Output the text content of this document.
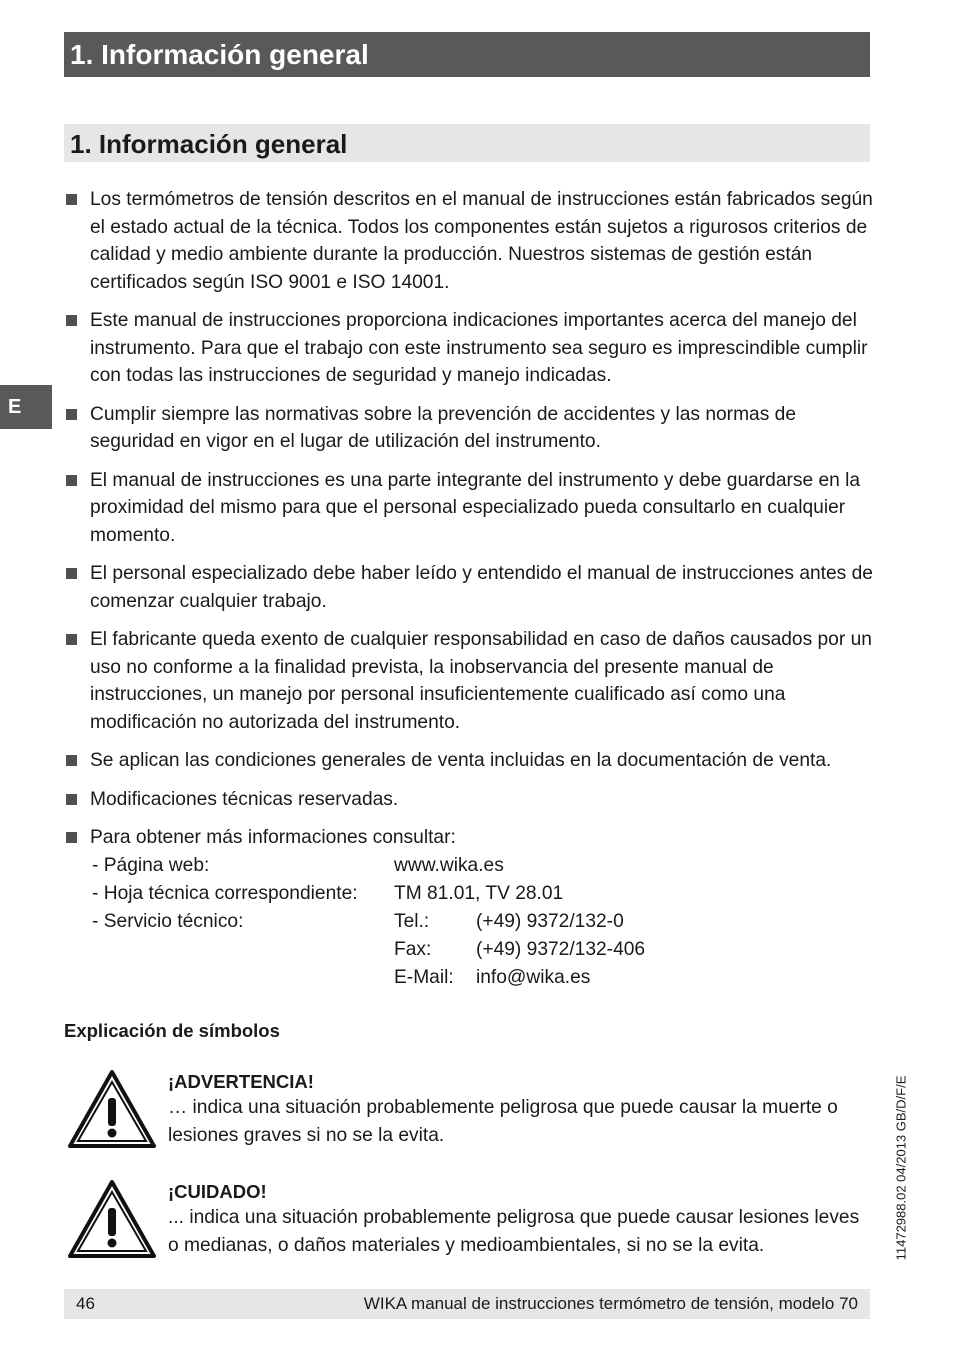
1. Información general
1. Información general
E
Los termómetros de tensión descritos en el manual de instrucciones están fabricados según el estado actual de la técnica. Todos los componentes están sujetos a rigurosos criterios de calidad y medio ambiente durante la producción. Nuestros sistemas de gestión están certificados según ISO 9001 e ISO 14001.
Este manual de instrucciones proporciona indicaciones importantes acerca del manejo del instrumento. Para que el trabajo con este instrumento sea seguro es imprescindible cumplir con todas las instrucciones de seguridad y manejo indicadas.
Cumplir siempre las normativas sobre la prevención de accidentes y las normas de seguridad en vigor en el lugar de utilización del instrumento.
El manual de instrucciones es una parte integrante del instrumento y debe guardarse en la proximidad del mismo para que el personal especializado pueda consultarlo en cualquier momento.
El personal especializado debe haber leído y entendido el manual de instrucciones antes de comenzar cualquier trabajo.
El fabricante queda exento de cualquier responsabilidad en caso de daños causados por un uso no conforme a la finalidad prevista, la inobservancia del presente manual de instrucciones, un manejo por personal insuficientemente cualificado así como una modificación no autorizada del instrumento.
Se aplican las condiciones generales de venta incluidas en la documentación de venta.
Modificaciones técnicas reservadas.
Para obtener más informaciones consultar:
- Página web:	www.wika.es
- Hoja técnica correspondiente:	TM 81.01, TV 28.01
- Servicio técnico:	Tel.:	(+49) 9372/132-0
Fax:	(+49) 9372/132-406
E-Mail:	info@wika.es
Explicación de símbolos
¡ADVERTENCIA!
… indica una situación probablemente peligrosa que puede causar la muerte o lesiones graves si no se la evita.
¡CUIDADO!
... indica una situación probablemente peligrosa que puede causar lesiones leves o medianas, o daños materiales y medioambientales, si no se la evita.	11472988.02 04/2013 GB/D/F/E
46	WIKA manual de instrucciones termómetro de tensión, modelo 70
